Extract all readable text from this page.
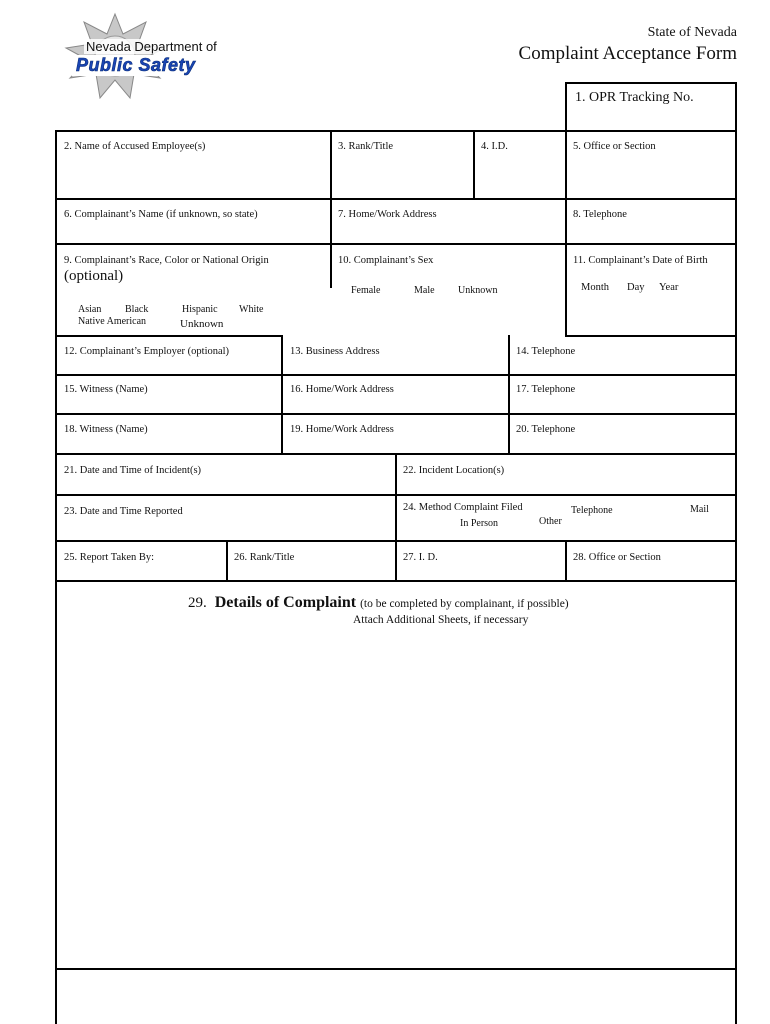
Nevada Department of
Public Safety
State of Nevada
Complaint Acceptance Form
1. OPR Tracking No.
2. Name of Accused Employee(s)	3. Rank/Title	4. I.D.	5. Office or Section
6. Complainant’s Name (if unknown, so state)	7. Home/Work Address	8. Telephone
9. Complainant’s Race, Color or National Origin
(optional)
Asian Black	Hispanic White
Native American	Unknown
10. Complainant’s Sex
Female	Male Unknown
11. Complainant’s Date of Birth
Month Day Year
12. Complainant’s Employer (optional)	13. Business Address	14. Telephone
15. Witness (Name)	16. Home/Work Address	17. Telephone
18. Witness (Name)	19. Home/Work Address	20. Telephone
21. Date and Time of Incident(s)	22. Incident Location(s)
23. Date and Time Reported	24. Method Complaint Filed	Telephone	Mail
In Person	Other
25. Report Taken By:	26. Rank/Title	27. I. D.	28. Office or Section
29. Details of Complaint (to be completed by complainant, if possible)
Attach Additional Sheets, if necessary
